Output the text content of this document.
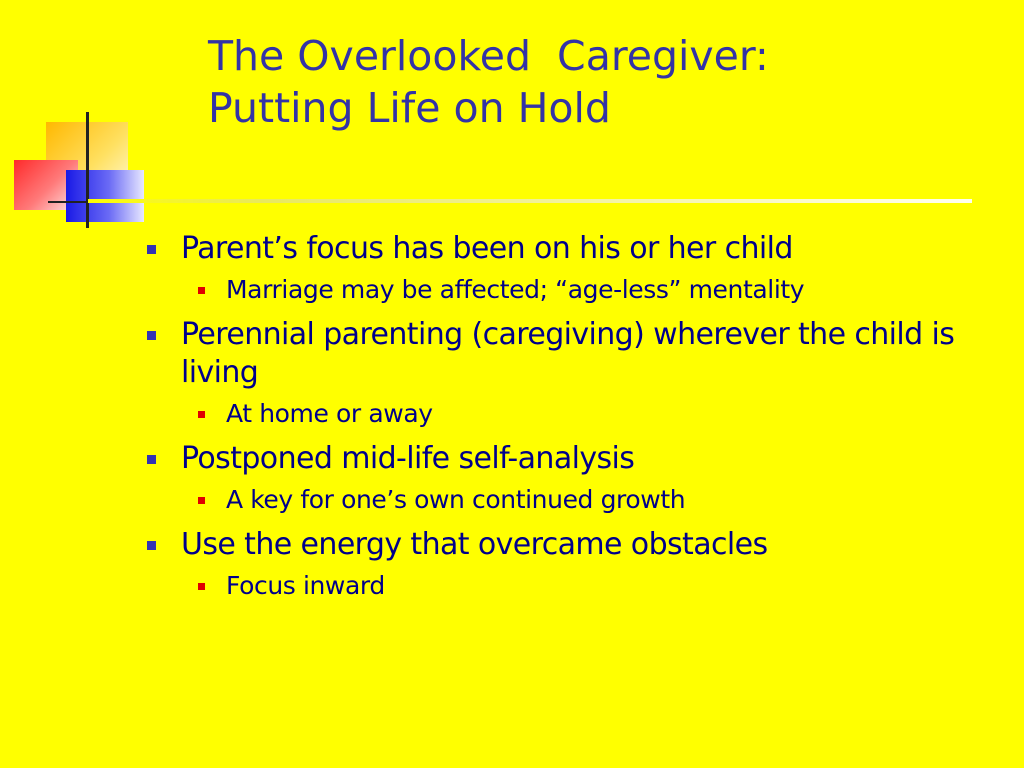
The Overlooked  Caregiver:
Putting Life on Hold
Parent’s focus has been on his or her child
Marriage may be affected; “age-less” mentality
Perennial parenting (caregiving) wherever the child is living
At home or away
Postponed mid-life self-analysis
A key for one’s own continued growth
Use the energy that overcame obstacles
Focus inward
